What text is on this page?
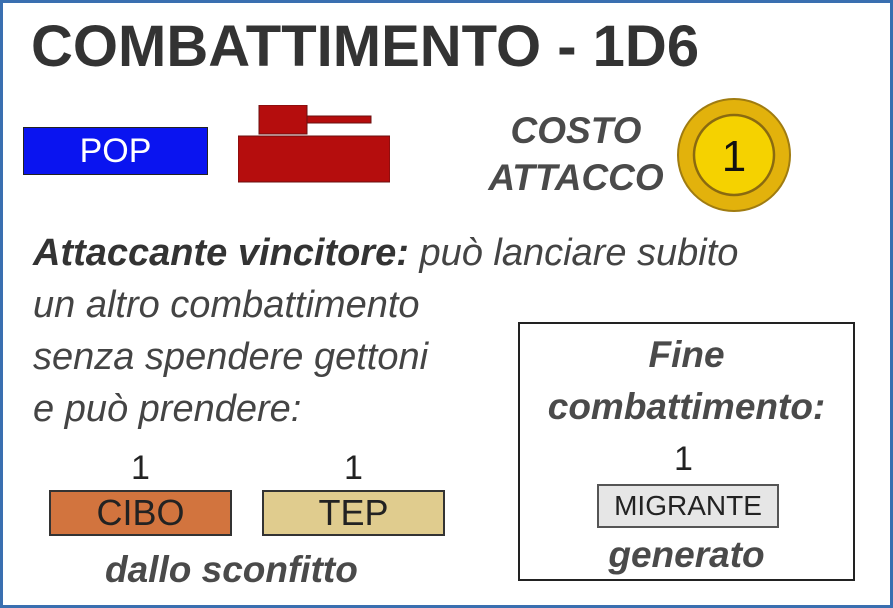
COMBATTIMENTO - 1D6
POP	COSTO
ATTACCO	1
Attaccante vincitore: può lanciare subito
un altro combattimento
senza spendere gettoni
e può prendere:
1
CIBO
1
TEP
dallo sconfitto
Fine
combattimento:
1
MIGRANTE
generato
